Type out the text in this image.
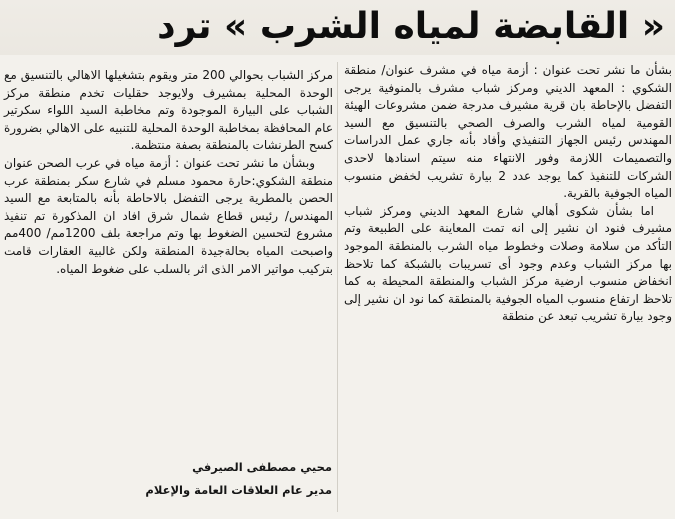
« القابضة لمياه الشرب » ترد

بشأن ما نشر تحت عنوان : أزمة مياه في مشرف عنوان/ منطقة الشكوي : المعهد الديني ومركز شباب مشرف بالمنوفية يرجى التفضل بالإحاطة بان قرية مشيرف مدرجة ضمن مشروعات الهيئة القومية لمياه الشرب والصرف الصحي بالتنسيق مع السيد المهندس رئيس الجهاز التنفيذي وأفاد بأنه جاري عمل الدراسات والتصميمات اللازمة وفور الانتهاء منه سيتم اسنادها لاحدى الشركات للتنفيذ كما يوجد عدد 2 بيارة تشريب لخفض منسوب المياه الجوفية بالقرية.

اما بشأن شكوى أهالي شارع المعهد الديني ومركز شباب مشيرف فنود ان نشير إلى انه تمت المعاينة على الطبيعة وتم التأكد من سلامة وصلات وخطوط مياه الشرب بالمنطقة الموجود بها مركز الشباب وعدم وجود أى تسريبات بالشبكة كما تلاحظ انخفاض منسوب ارضية مركز الشباب والمنطقة المحيطة به كما تلاحظ ارتفاع منسوب المياه الجوفية بالمنطقة كما نود ان نشير إلى وجود بيارة تشريب تبعد عن منطقة

مركز الشباب بحوالي 200 متر ويقوم بتشغيلها الاهالي بالتنسيق مع الوحدة المحلية بمشيرف ولايوجد حقليات تخدم منطقة مركز الشباب على البيارة الموجودة وتم مخاطبة السيد اللواء سكرتير عام المحافظة بمخاطبة الوحدة المحلية للتنبيه على الاهالي بضرورة كسح الطرنشات بالمنطقة بصفة منتظمة.

وبشأن ما نشر تحت عنوان : أزمة مياه في عرب الصحن عنوان منطقة الشكوي:حارة محمود مسلم في شارع سكر بمنطقة عرب الحصن بالمطرية يرجى التفضل بالاحاطة بأنه بالمتابعة مع السيد المهندس/ رئيس قطاع شمال شرق افاد ان المذكورة تم تنفيذ مشروع لتحسين الضغوط بها وتم مراجعة بلف 1200مم/ 400مم واصبحت المياه بحالةجيدة المنطقة ولكن غالبية العقارات قامت بتركيب مواتير الامر الذى اثر بالسلب على ضغوط المياه.

محيي مصطفى الصيرفي
مدير عام العلاقات العامة والإعلام
